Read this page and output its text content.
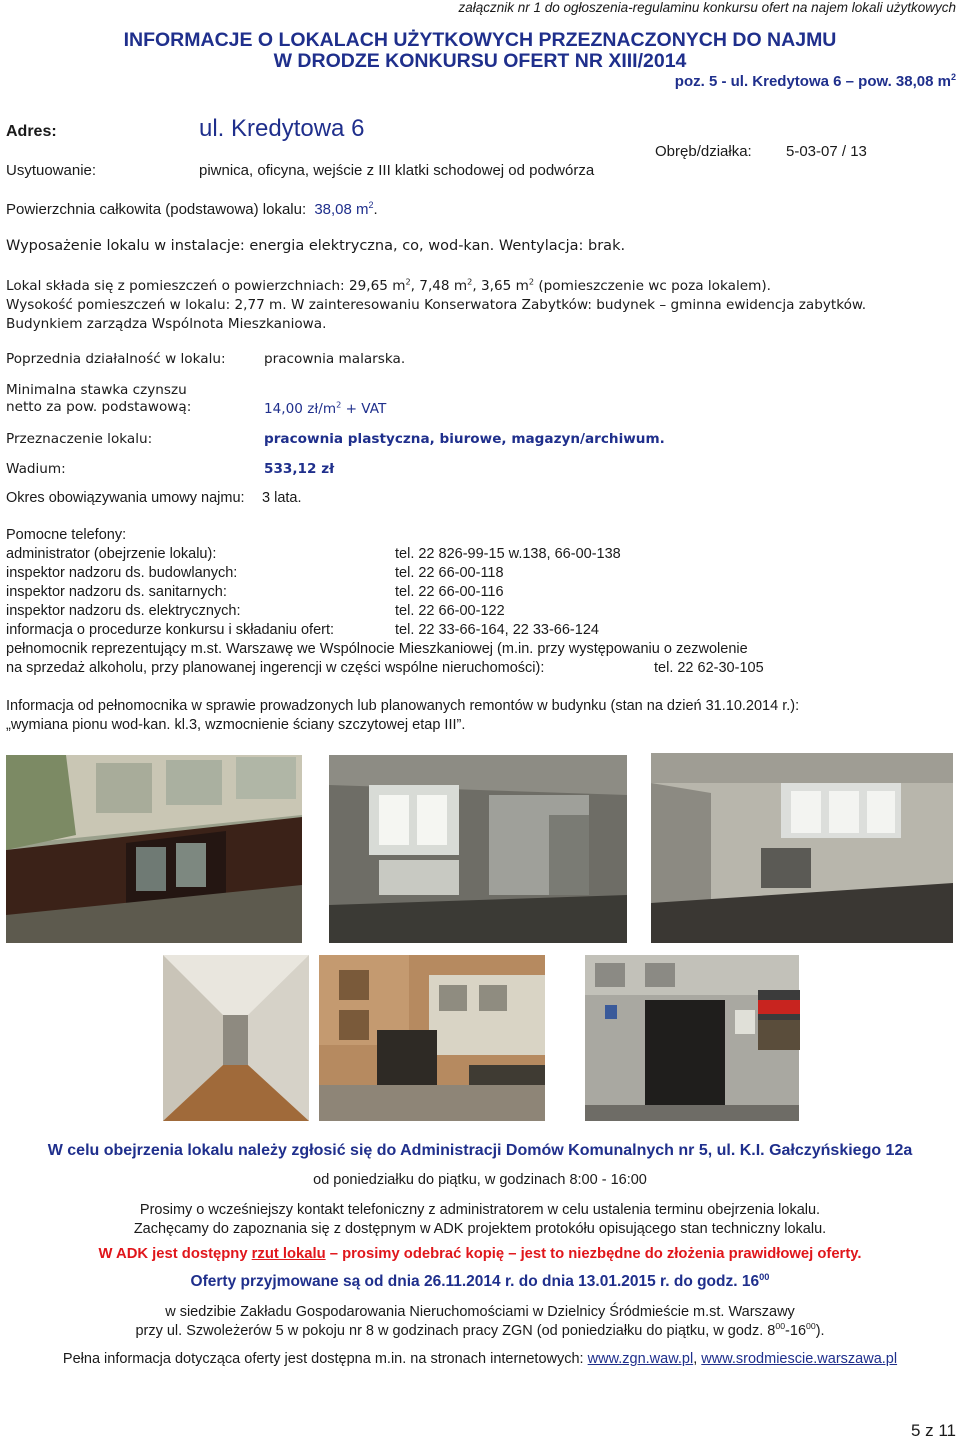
załącznik nr 1 do ogłoszenia-regulaminu konkursu ofert na najem lokali użytkowych
INFORMACJE O LOKALACH UŻYTKOWYCH PRZEZNACZONYCH DO NAJMU
W DRODZE KONKURSU OFERT NR XIII/2014
poz. 5 - ul. Kredytowa 6 – pow. 38,08 $m^2$
Adres:	ul. Kredytowa 6
Usytuowanie:	piwnica, oficyna, wejście z III klatki schodowej od podwórza
Obręb/działka: 5-03-07 / 13
Powierzchnia całkowita (podstawowa) lokalu: 38,08 $m^2$.
Wyposażenie lokalu w instalacje: energia elektryczna, co, wod-kan. Wentylacja: brak.
Lokal składa się z pomieszczeń o powierzchniach: 29,65 $m^2$, 7,48 $m^2$, 3,65 $m^2$ (pomieszczenie wc poza lokalem).
Wysokość pomieszczeń w lokalu: 2,77 m. W zainteresowaniu Konserwatora Zabytków: budynek – gminna ewidencja zabytków.
Budynkiem zarządza Wspólnota Mieszkaniowa.
Poprzednia działalność w lokalu:	pracownia malarska.
Minimalna stawka czynszu
netto za pow. podstawową:	14,00 $zł/m^2$ + VAT
Przeznaczenie lokalu:	pracownia plastyczna, biurowe, magazyn/archiwum.
Wadium:	533,12 zł
Okres obowiązywania umowy najmu: 3 lata.
Pomocne telefony:
administrator (obejrzenie lokalu):	tel. 22 826-99-15 w.138, 66-00-138
inspektor nadzoru ds. budowlanych:	tel. 22 66-00-118
inspektor nadzoru ds. sanitarnych:	tel. 22 66-00-116
inspektor nadzoru ds. elektrycznych:	tel. 22 66-00-122
informacja o procedurze konkursu i składaniu ofert:	tel. 22 33-66-164, 22 33-66-124
pełnomocnik reprezentujący m.st. Warszawę we Wspólnocie Mieszkaniowej (m.in. przy występowaniu o zezwolenie
na sprzedaż alkoholu, przy planowanej ingerencji w części wspólne nieruchomości):	tel. 22 62-30-105
Informacja od pełnomocnika w sprawie prowadzonych lub planowanych remontów w budynku (stan na dzień 31.10.2014 r.):
„wymiana pionu wod-kan. kl.3, wzmocnienie ściany szczytowej etap III”.
W celu obejrzenia lokalu należy zgłosić się do Administracji Domów Komunalnych nr 5, ul. K.I. Gałczyńskiego 12a
od poniedziałku do piątku, w godzinach 8:00 - 16:00
Prosimy o wcześniejszy kontakt telefoniczny z administratorem w celu ustalenia terminu obejrzenia lokalu.
Zachęcamy do zapoznania się z dostępnym w ADK projektem protokółu opisującego stan techniczny lokalu.
W ADK jest dostępny rzut lokalu – prosimy odebrać kopię – jest to niezbędne do złożenia prawidłowej oferty.
Oferty przyjmowane są od dnia 26.11.2014 r. do dnia 13.01.2015 r. do godz. $16^{00}$
w siedzibie Zakładu Gospodarowania Nieruchomościami w Dzielnicy Śródmieście m.st. Warszawy
przy ul. Szwoleżerów 5 w pokoju nr 8 w godzinach pracy ZGN (od poniedziałku do piątku, w godz. $8^{00}-16^{00}$).
Pełna informacja dotycząca oferty jest dostępna m.in. na stronach internetowych: www.zgn.waw.pl, www.srodmiescie.warszawa.pl
5 z 11
